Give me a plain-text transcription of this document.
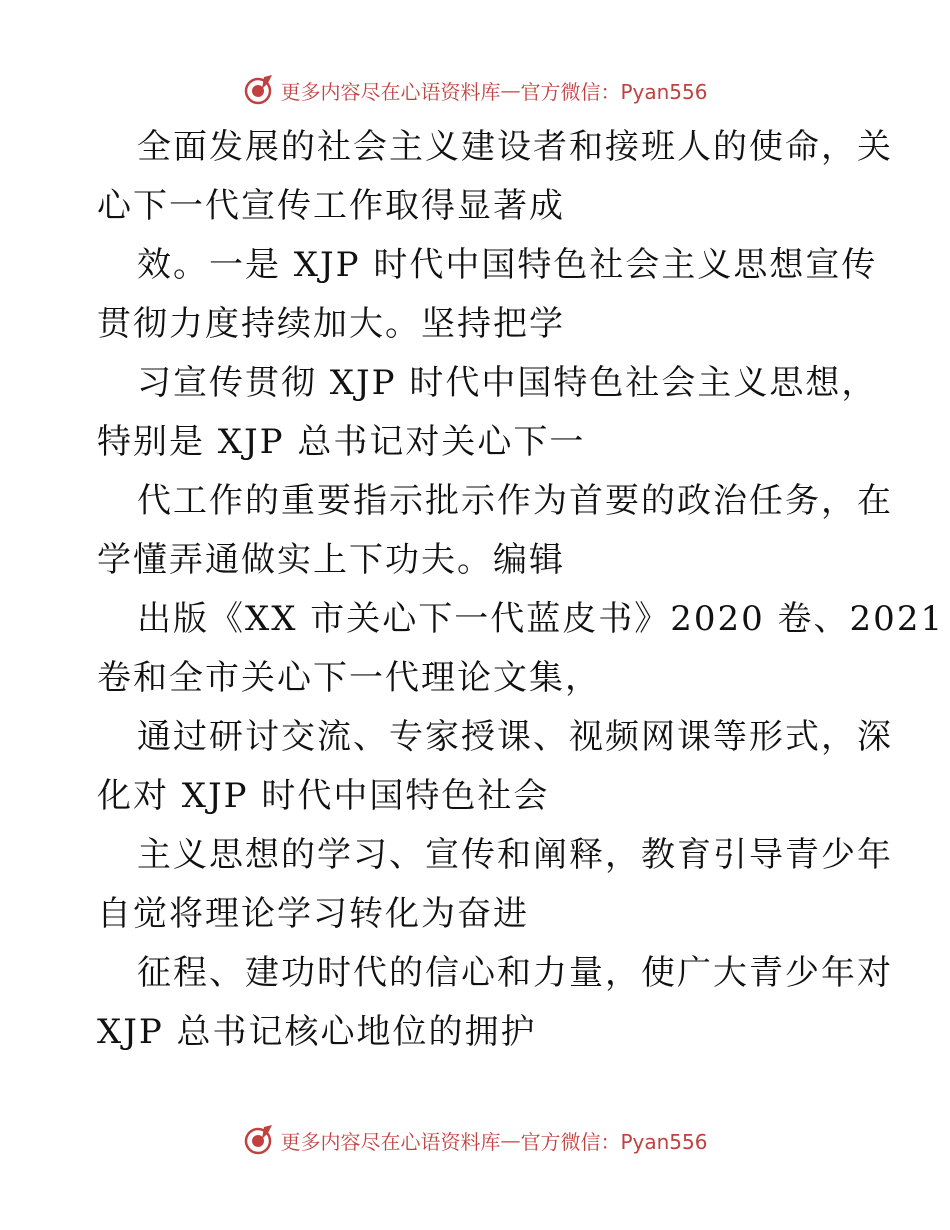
更多内容尽在心语资料库 — 官方微信：Pyan556
全面发展的社会主义建设者和接班人的使命，关
心下一代宣传工作取得显著成
效。一是 XJP 时代中国特色社会主义思想宣传
贯彻力度持续加大。坚持把学
习宣传贯彻 XJP 时代中国特色社会主义思想，
特别是 XJP 总书记对关心下一
代工作的重要指示批示作为首要的政治任务，在
学懂弄通做实上下功夫。编辑
出版《XX 市关心下一代蓝皮书》2020 卷、2021
卷和全市关心下一代理论文集，
通过研讨交流、专家授课、视频网课等形式，深
化对 XJP 时代中国特色社会
主义思想的学习、宣传和阐释，教育引导青少年
自觉将理论学习转化为奋进
征程、建功时代的信心和力量，使广大青少年对
XJP 总书记核心地位的拥护
更多内容尽在心语资料库 — 官方微信：Pyan556
